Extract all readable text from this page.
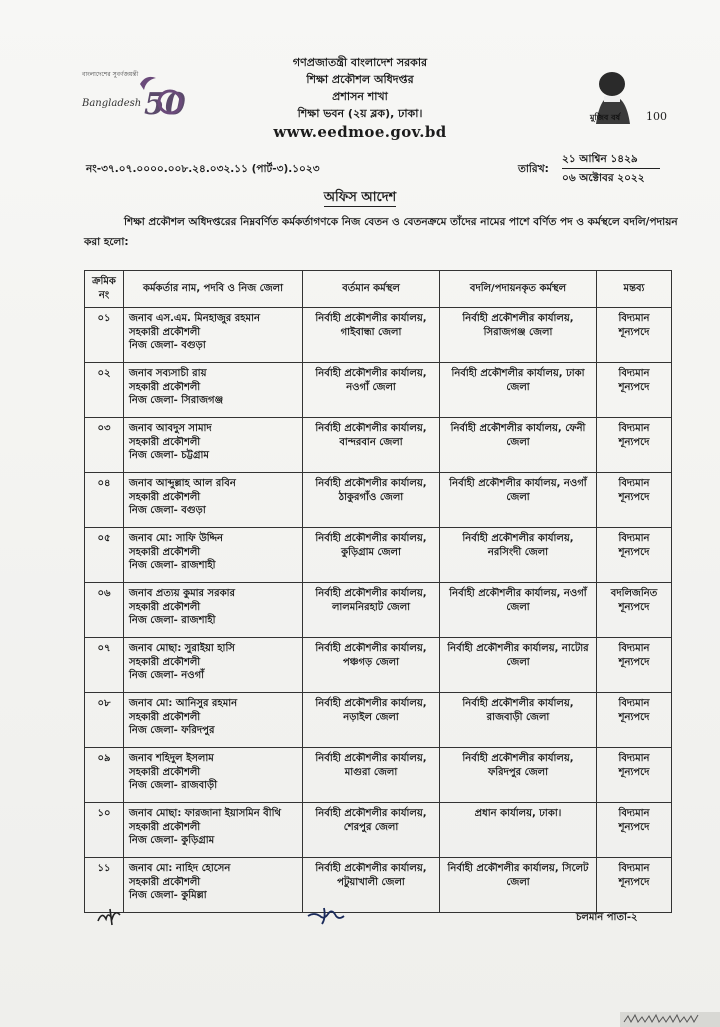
বাংলাদেশের সুবর্ণজয়ন্তী
Bangladesh 50	মুজিব বর্ষ 100
গণপ্রজাতন্ত্রী বাংলাদেশ সরকার
শিক্ষা প্রকৌশল অধিদপ্তর
প্রশাসন শাখা
শিক্ষা ভবন (২য় ব্লক), ঢাকা।
www.eedmoe.gov.bd
নং-৩৭.০৭.০০০০.০০৮.২৪.০৩২.১১ (পার্ট-৩).১০২৩	তারিখ:
২১ আশ্বিন ১৪২৯
০৬ অক্টোবর ২০২২
অফিস আদেশ
শিক্ষা প্রকৌশল অধিদপ্তরের নিম্নবর্ণিত কর্মকর্তাগণকে নিজ বেতন ও বেতনক্রমে তাঁদের নামের পাশে বর্ণিত পদ ও কর্মস্থলে বদলি/পদায়ন করা হলো:
ক্রমিক নং	কর্মকর্তার নাম, পদবি ও নিজ জেলা	বর্তমান কর্মস্থল	বদলি/পদায়নকৃত কর্মস্থল	মন্তব্য
০১	জনাব এস.এম. মিনহাজুর রহমান
সহকারী প্রকৌশলী
নিজ জেলা- বগুড়া	নির্বাহী প্রকৌশলীর কার্যালয়, গাইবান্ধা জেলা	নির্বাহী প্রকৌশলীর কার্যালয়, সিরাজগঞ্জ জেলা	বিদ্যমান শূন্যপদে
০২	জনাব সব্যসাচী রায়
সহকারী প্রকৌশলী
নিজ জেলা- সিরাজগঞ্জ	নির্বাহী প্রকৌশলীর কার্যালয়, নওগাঁ জেলা	নির্বাহী প্রকৌশলীর কার্যালয়, ঢাকা জেলা	বিদ্যমান শূন্যপদে
০৩	জনাব আবদুস সামাদ
সহকারী প্রকৌশলী
নিজ জেলা- চট্টগ্রাম	নির্বাহী প্রকৌশলীর কার্যালয়, বান্দরবান জেলা	নির্বাহী প্রকৌশলীর কার্যালয়, ফেনী জেলা	বিদ্যমান শূন্যপদে
০৪	জনাব আব্দুল্লাহ আল রবিন
সহকারী প্রকৌশলী
নিজ জেলা- বগুড়া	নির্বাহী প্রকৌশলীর কার্যালয়, ঠাকুরগাঁও জেলা	নির্বাহী প্রকৌশলীর কার্যালয়, নওগাঁ জেলা	বিদ্যমান শূন্যপদে
০৫	জনাব মো: সাফি উদ্দিন
সহকারী প্রকৌশলী
নিজ জেলা- রাজশাহী	নির্বাহী প্রকৌশলীর কার্যালয়, কুড়িগ্রাম জেলা	নির্বাহী প্রকৌশলীর কার্যালয়, নরসিংদী জেলা	বিদ্যমান শূন্যপদে
০৬	জনাব প্রত্যয় কুমার সরকার
সহকারী প্রকৌশলী
নিজ জেলা- রাজশাহী	নির্বাহী প্রকৌশলীর কার্যালয়, লালমনিরহাট জেলা	নির্বাহী প্রকৌশলীর কার্যালয়, নওগাঁ জেলা	বদলিজনিত শূন্যপদে
০৭	জনাব মোছা: সুরাইয়া হাসি
সহকারী প্রকৌশলী
নিজ জেলা- নওগাঁ	নির্বাহী প্রকৌশলীর কার্যালয়, পঞ্চগড় জেলা	নির্বাহী প্রকৌশলীর কার্যালয়, নাটোর জেলা	বিদ্যমান শূন্যপদে
০৮	জনাব মো: আনিসুর রহমান
সহকারী প্রকৌশলী
নিজ জেলা- ফরিদপুর	নির্বাহী প্রকৌশলীর কার্যালয়, নড়াইল জেলা	নির্বাহী প্রকৌশলীর কার্যালয়, রাজবাড়ী জেলা	বিদ্যমান শূন্যপদে
০৯	জনাব শহিদুল ইসলাম
সহকারী প্রকৌশলী
নিজ জেলা- রাজবাড়ী	নির্বাহী প্রকৌশলীর কার্যালয়, মাগুরা জেলা	নির্বাহী প্রকৌশলীর কার্যালয়, ফরিদপুর জেলা	বিদ্যমান শূন্যপদে
১০	জনাব মোছা: ফারজানা ইয়াসমিন বীথি
সহকারী প্রকৌশলী
নিজ জেলা- কুড়িগ্রাম	নির্বাহী প্রকৌশলীর কার্যালয়, শেরপুর জেলা	প্রধান কার্যালয়, ঢাকা।	বিদ্যমান শূন্যপদে
১১	জনাব মো: নাহিদ হোসেন
সহকারী প্রকৌশলী
নিজ জেলা- কুমিল্লা	নির্বাহী প্রকৌশলীর কার্যালয়, পটুয়াখালী জেলা	নির্বাহী প্রকৌশলীর কার্যালয়, সিলেট জেলা	বিদ্যমান শূন্যপদে
চলমান পাতা-২
